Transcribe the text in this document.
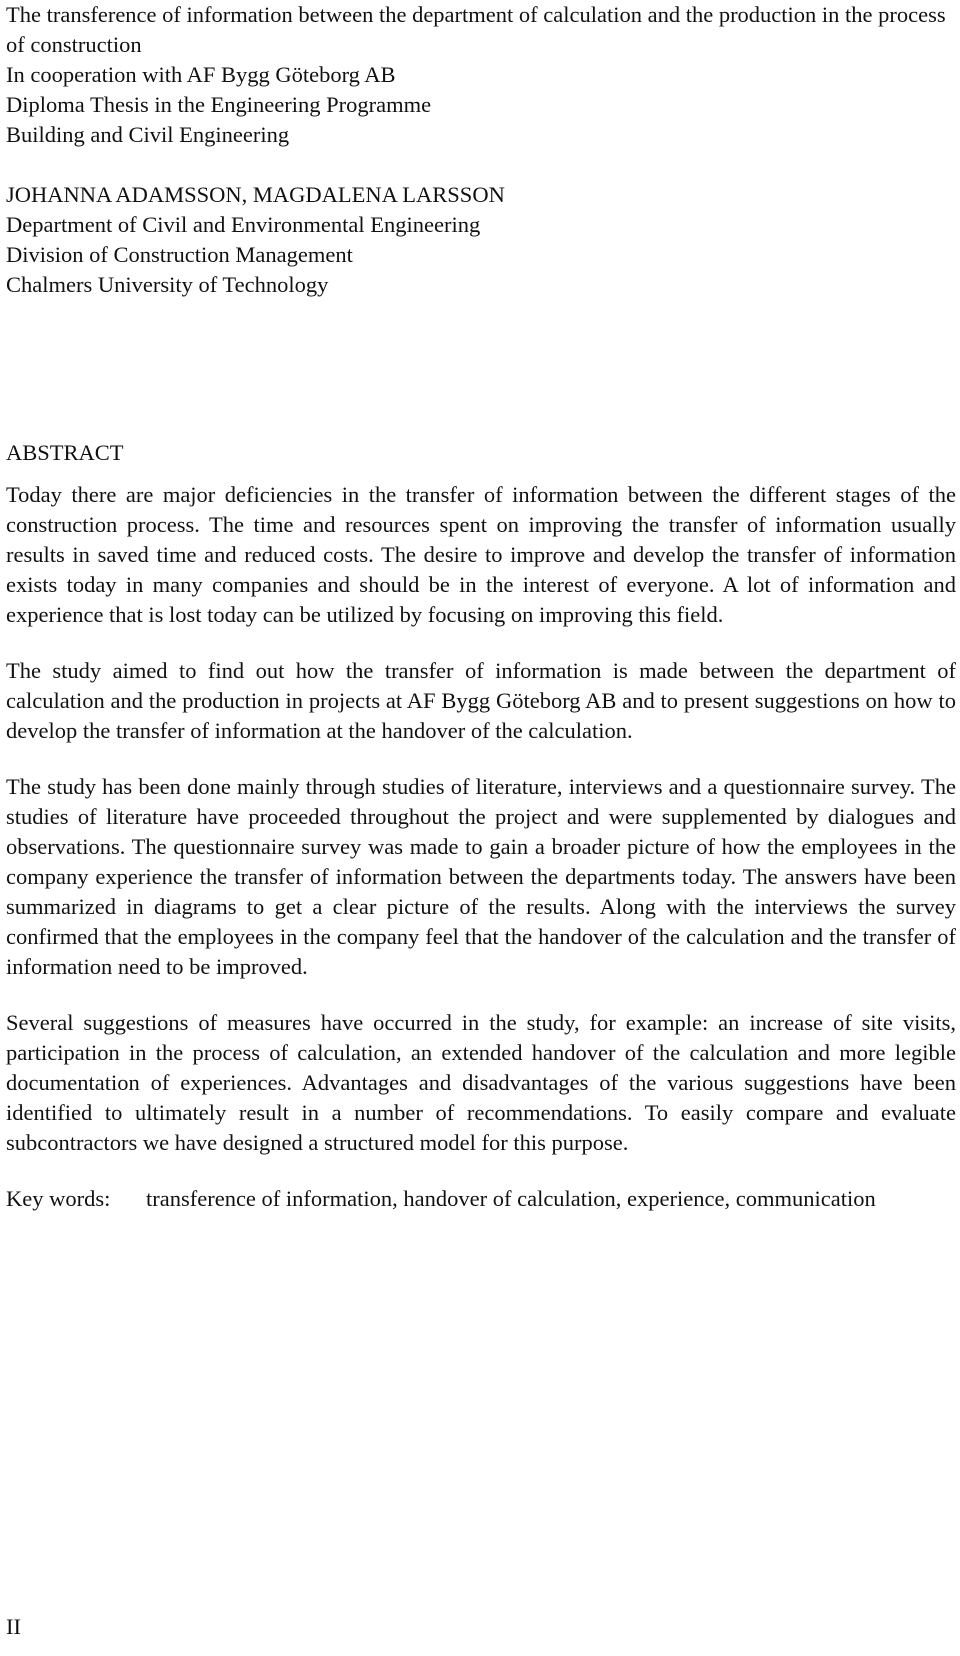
The transference of information between the department of calculation and the production in the process of construction

In cooperation with AF Bygg Göteborg AB

Diploma Thesis in the Engineering Programme

Building and Civil Engineering

JOHANNA ADAMSSON, MAGDALENA LARSSON

Department of Civil and Environmental Engineering

Division of Construction Management

Chalmers University of Technology

ABSTRACT

Today there are major deficiencies in the transfer of information between the different stages of the construction process. The time and resources spent on improving the transfer of information usually results in saved time and reduced costs. The desire to improve and develop the transfer of information exists today in many companies and should be in the interest of everyone. A lot of information and experience that is lost today can be utilized by focusing on improving this field.

The study aimed to find out how the transfer of information is made between the department of calculation and the production in projects at AF Bygg Göteborg AB and to present suggestions on how to develop the transfer of information at the handover of the calculation.

The study has been done mainly through studies of literature, interviews and a questionnaire survey. The studies of literature have proceeded throughout the project and were supplemented by dialogues and observations. The questionnaire survey was made to gain a broader picture of how the employees in the company experience the transfer of information between the departments today. The answers have been summarized in diagrams to get a clear picture of the results. Along with the interviews the survey confirmed that the employees in the company feel that the handover of the calculation and the transfer of information need to be improved.

Several suggestions of measures have occurred in the study, for example: an increase of site visits, participation in the process of calculation, an extended handover of the calculation and more legible documentation of experiences. Advantages and disadvantages of the various suggestions have been identified to ultimately result in a number of recommendations. To easily compare and evaluate subcontractors we have designed a structured model for this purpose.

Key words:	transference of information, handover of calculation, experience, communication
II
